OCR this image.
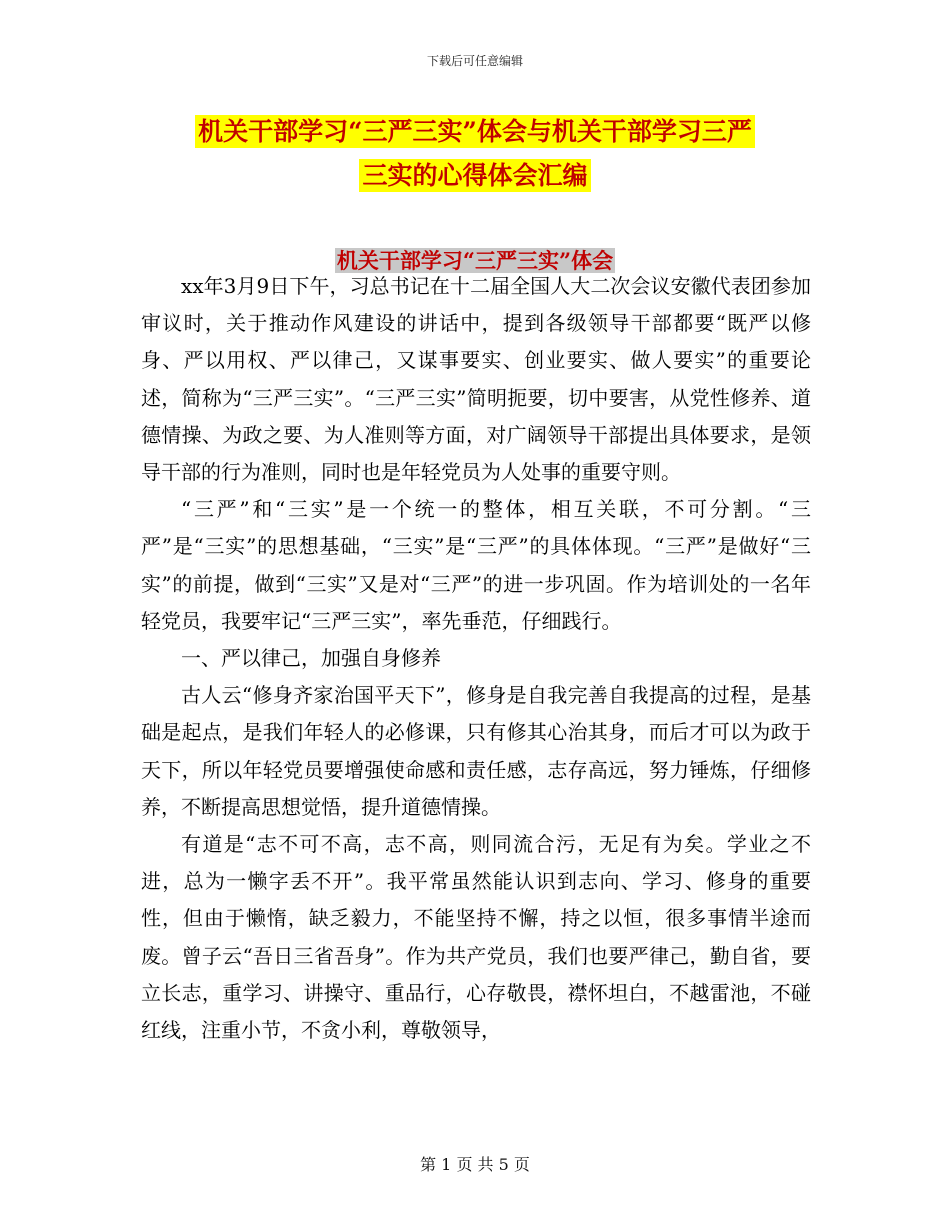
下载后可任意编辑
机关干部学习“三严三实”体会与机关干部学习三严
三实的心得体会汇编
机关干部学习“三严三实”体会

xx年3月9日下午，习总书记在十二届全国人大二次会议安徽代表团参加审议时，关于推动作风建设的讲话中，提到各级领导干部都要“既严以修身、严以用权、严以律己，又谋事要实、创业要实、做人要实”的重要论述，简称为“三严三实”。“三严三实”简明扼要，切中要害，从党性修养、道德情操、为政之要、为人准则等方面，对广阔领导干部提出具体要求，是领导干部的行为准则，同时也是年轻党员为人处事的重要守则。

“三严”和“三实”是一个统一的整体，相互关联，不可分割。“三严”是“三实”的思想基础，“三实”是“三严”的具体体现。“三严”是做好“三实”的前提，做到“三实”又是对“三严”的进一步巩固。作为培训处的一名年轻党员，我要牢记“三严三实”，率先垂范，仔细践行。

一、严以律己，加强自身修养

古人云“修身齐家治国平天下”，修身是自我完善自我提高的过程，是基础是起点，是我们年轻人的必修课，只有修其心治其身，而后才可以为政于天下，所以年轻党员要增强使命感和责任感，志存高远，努力锤炼，仔细修养，不断提高思想觉悟，提升道德情操。

有道是“志不可不高，志不高，则同流合污，无足有为矣。学业之不进，总为一懒字丢不开”。我平常虽然能认识到志向、学习、修身的重要性，但由于懒惰，缺乏毅力，不能坚持不懈，持之以恒，很多事情半途而废。曾子云“吾日三省吾身”。作为共产党员，我们也要严律己，勤自省，要立长志，重学习、讲操守、重品行，心存敬畏，襟怀坦白，不越雷池，不碰红线，注重小节，不贪小利，尊敬领导，

第 1 页 共 5 页
